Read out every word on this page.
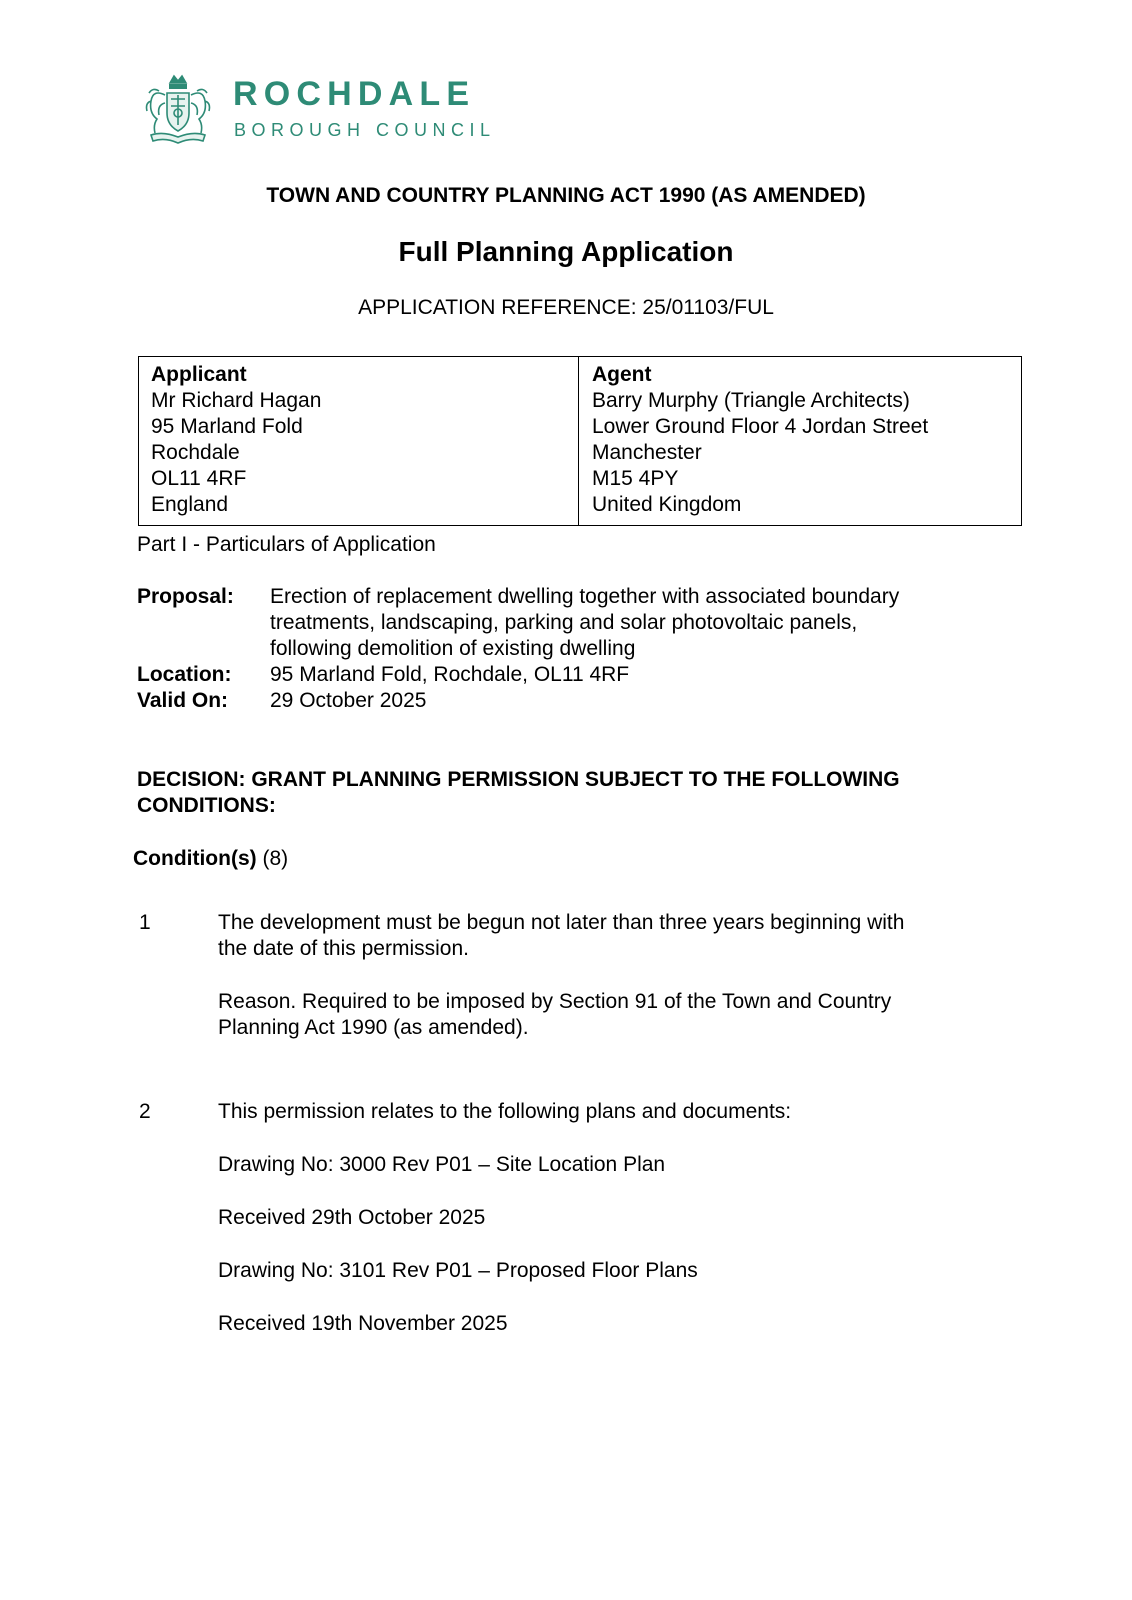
ROCHDALE
BOROUGH COUNCIL
TOWN AND COUNTRY PLANNING ACT 1990 (AS AMENDED)
Full Planning Application
APPLICATION REFERENCE: 25/01103/FUL
Applicant
Mr Richard Hagan
95 Marland Fold
Rochdale
OL11 4RF
England
Agent
Barry Murphy (Triangle Architects)
Lower Ground Floor 4 Jordan Street
Manchester
M15 4PY
United Kingdom
Part I - Particulars of Application
Proposal: Erection of replacement dwelling together with associated boundary
treatments, landscaping, parking and solar photovoltaic panels,
following demolition of existing dwelling
Location: 95 Marland Fold, Rochdale, OL11 4RF
Valid On: 29 October 2025
DECISION: GRANT PLANNING PERMISSION SUBJECT TO THE FOLLOWING
CONDITIONS:
Condition(s) (8)
1	The development must be begun not later than three years beginning with
the date of this permission.
Reason. Required to be imposed by Section 91 of the Town and Country
Planning Act 1990 (as amended).
2	This permission relates to the following plans and documents:
Drawing No: 3000 Rev P01 – Site Location Plan
Received 29th October 2025
Drawing No: 3101 Rev P01 – Proposed Floor Plans
Received 19th November 2025
